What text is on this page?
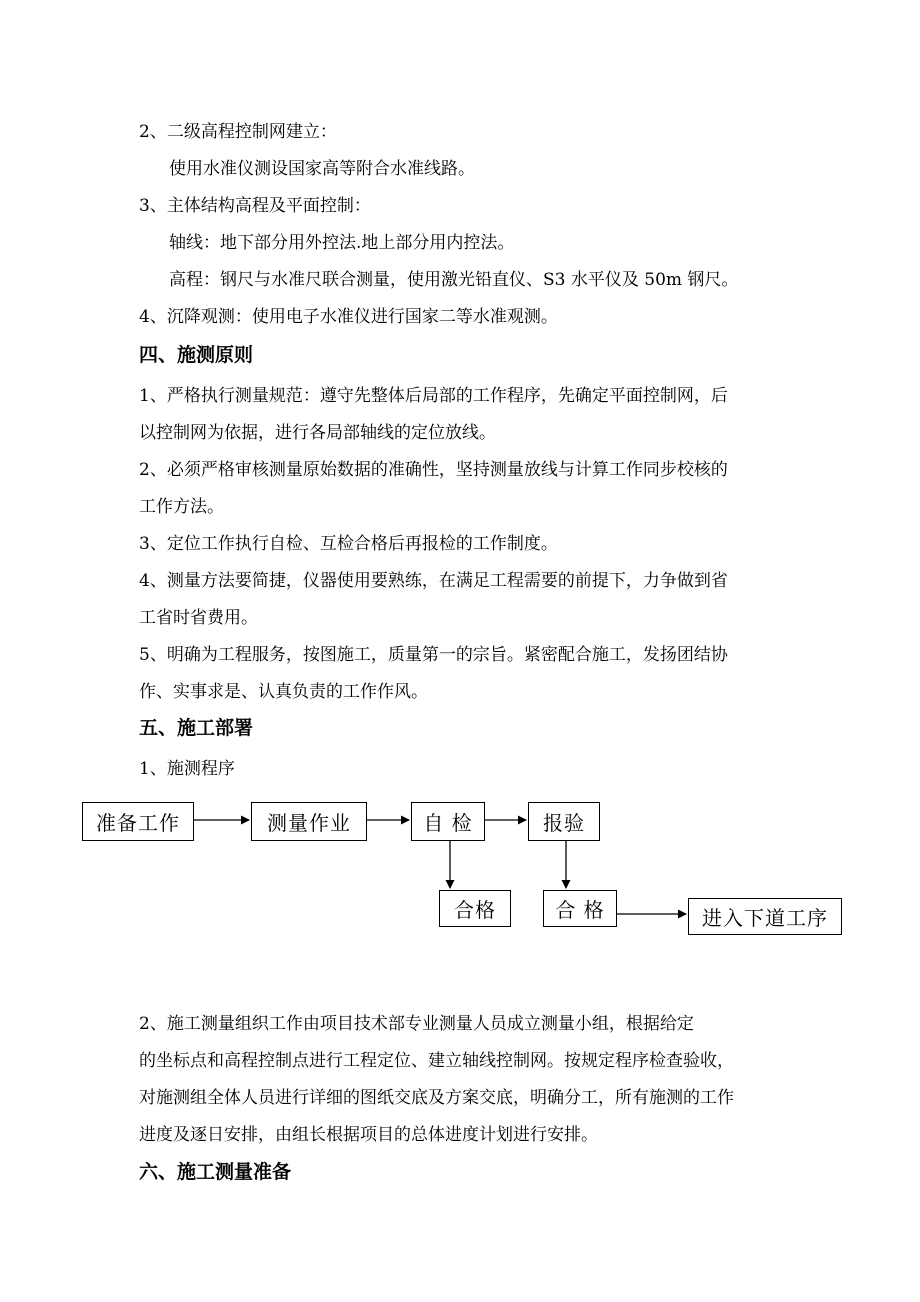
2、二级高程控制网建立：

使用水准仪测设国家高等附合水准线路。

3、主体结构高程及平面控制：

轴线：地下部分用外控法.地上部分用内控法。

高程：钢尺与水准尺联合测量，使用激光铅直仪、S3 水平仪及 50m 钢尺。

4、沉降观测：使用电子水准仪进行国家二等水准观测。

四、施测原则

1、严格执行测量规范：遵守先整体后局部的工作程序，先确定平面控制网，后

以控制网为依据，进行各局部轴线的定位放线。

2、必须严格审核测量原始数据的准确性，坚持测量放线与计算工作同步校核的

工作方法。

3、定位工作执行自检、互检合格后再报检的工作制度。

4、测量方法要简捷，仪器使用要熟练，在满足工程需要的前提下，力争做到省

工省时省费用。

5、明确为工程服务，按图施工，质量第一的宗旨。紧密配合施工，发扬团结协

作、实事求是、认真负责的工作作风。

五、施工部署

1、施测程序

准备工作	测量作业	自 检	报验
合格	合 格	进入下道工序

2、施工测量组织工作由项目技术部专业测量人员成立测量小组，根据给定

的坐标点和高程控制点进行工程定位、建立轴线控制网。按规定程序检查验收，

对施测组全体人员进行详细的图纸交底及方案交底，明确分工，所有施测的工作

进度及逐日安排，由组长根据项目的总体进度计划进行安排。

六、施工测量准备
